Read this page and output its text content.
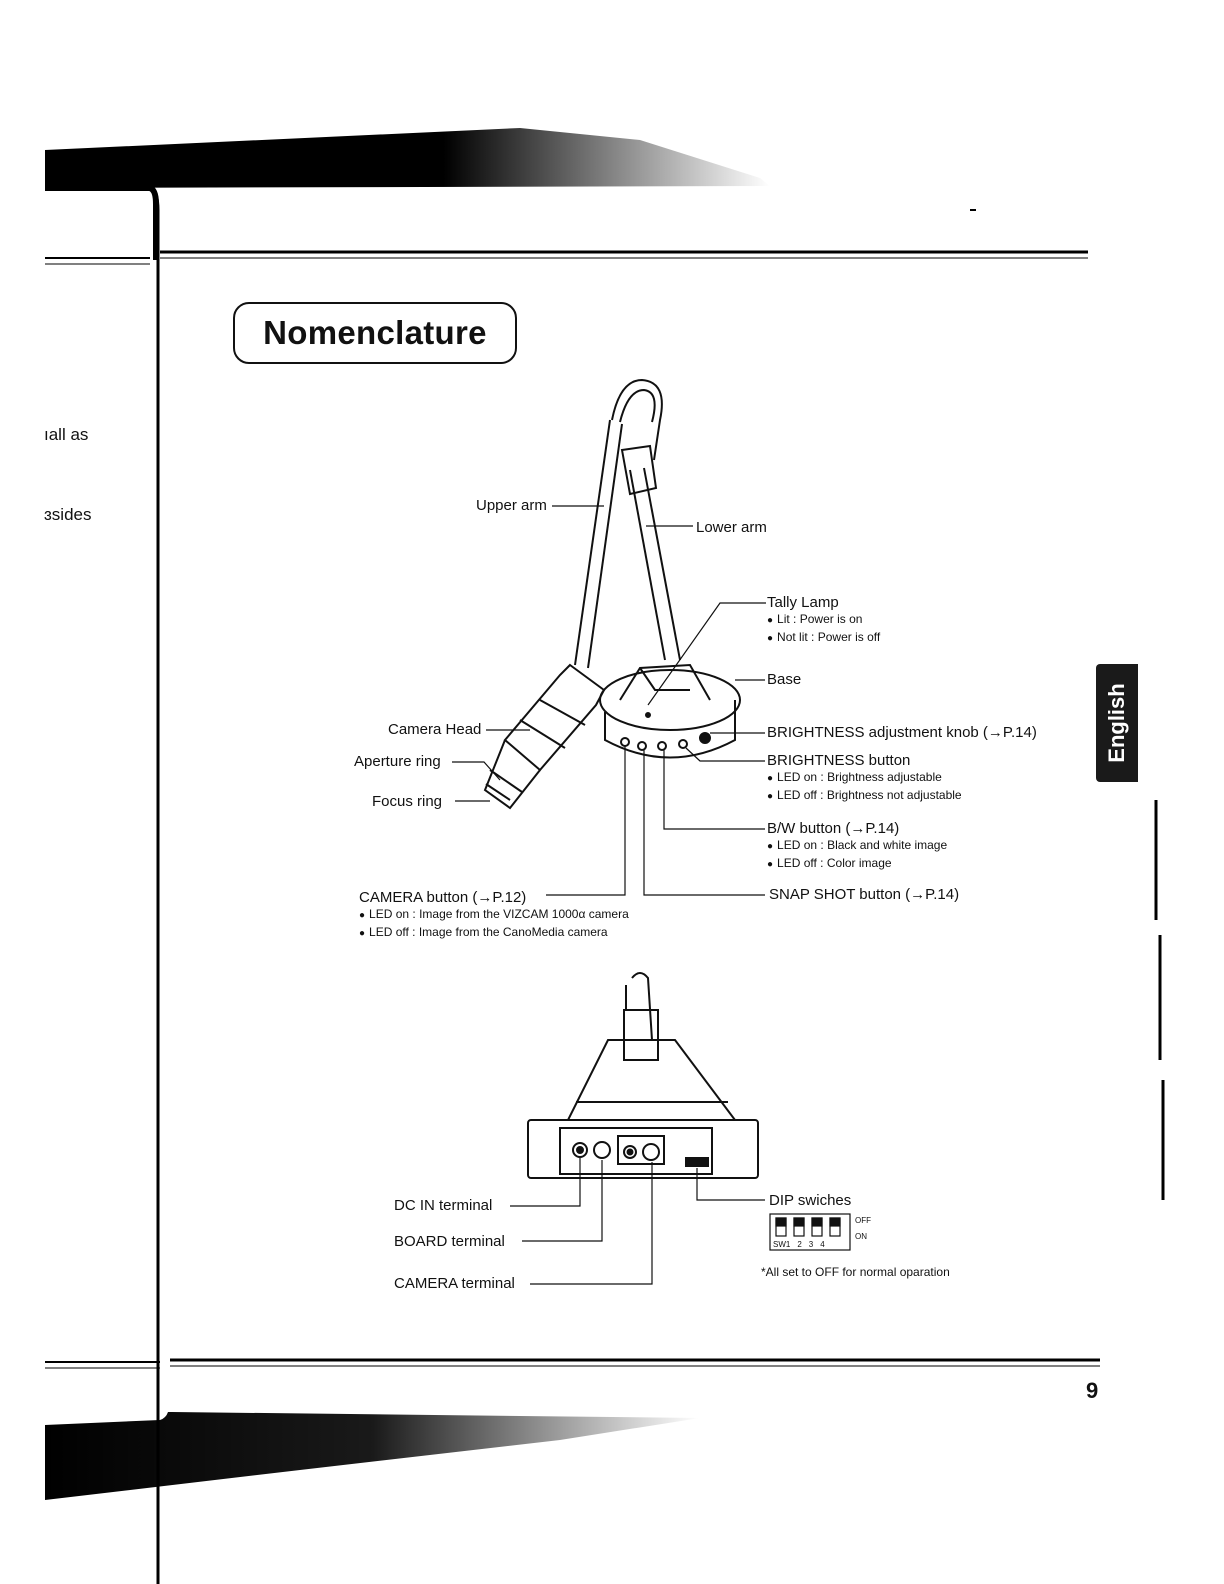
ıall as
ɜsides
Nomenclature
English
Upper arm
Lower arm
Tally Lamp
● Lit : Power is on
● Not lit : Power is off
Base
Camera Head
Aperture ring
Focus ring
BRIGHTNESS adjustment knob (→P.14)
BRIGHTNESS button
● LED on : Brightness adjustable
● LED off : Brightness not adjustable
B/W button (→P.14)
● LED on : Black and white image
● LED off : Color image
SNAP SHOT button (→P.14)
CAMERA button (→P.12)
● LED on : Image from the VIZCAM 1000α camera
● LED off : Image from the CanoMedia camera
DC IN terminal
BOARD terminal
CAMERA terminal
DIP swiches
OFF
ON
SW1 2 3 4
*All set to OFF for normal oparation
9
